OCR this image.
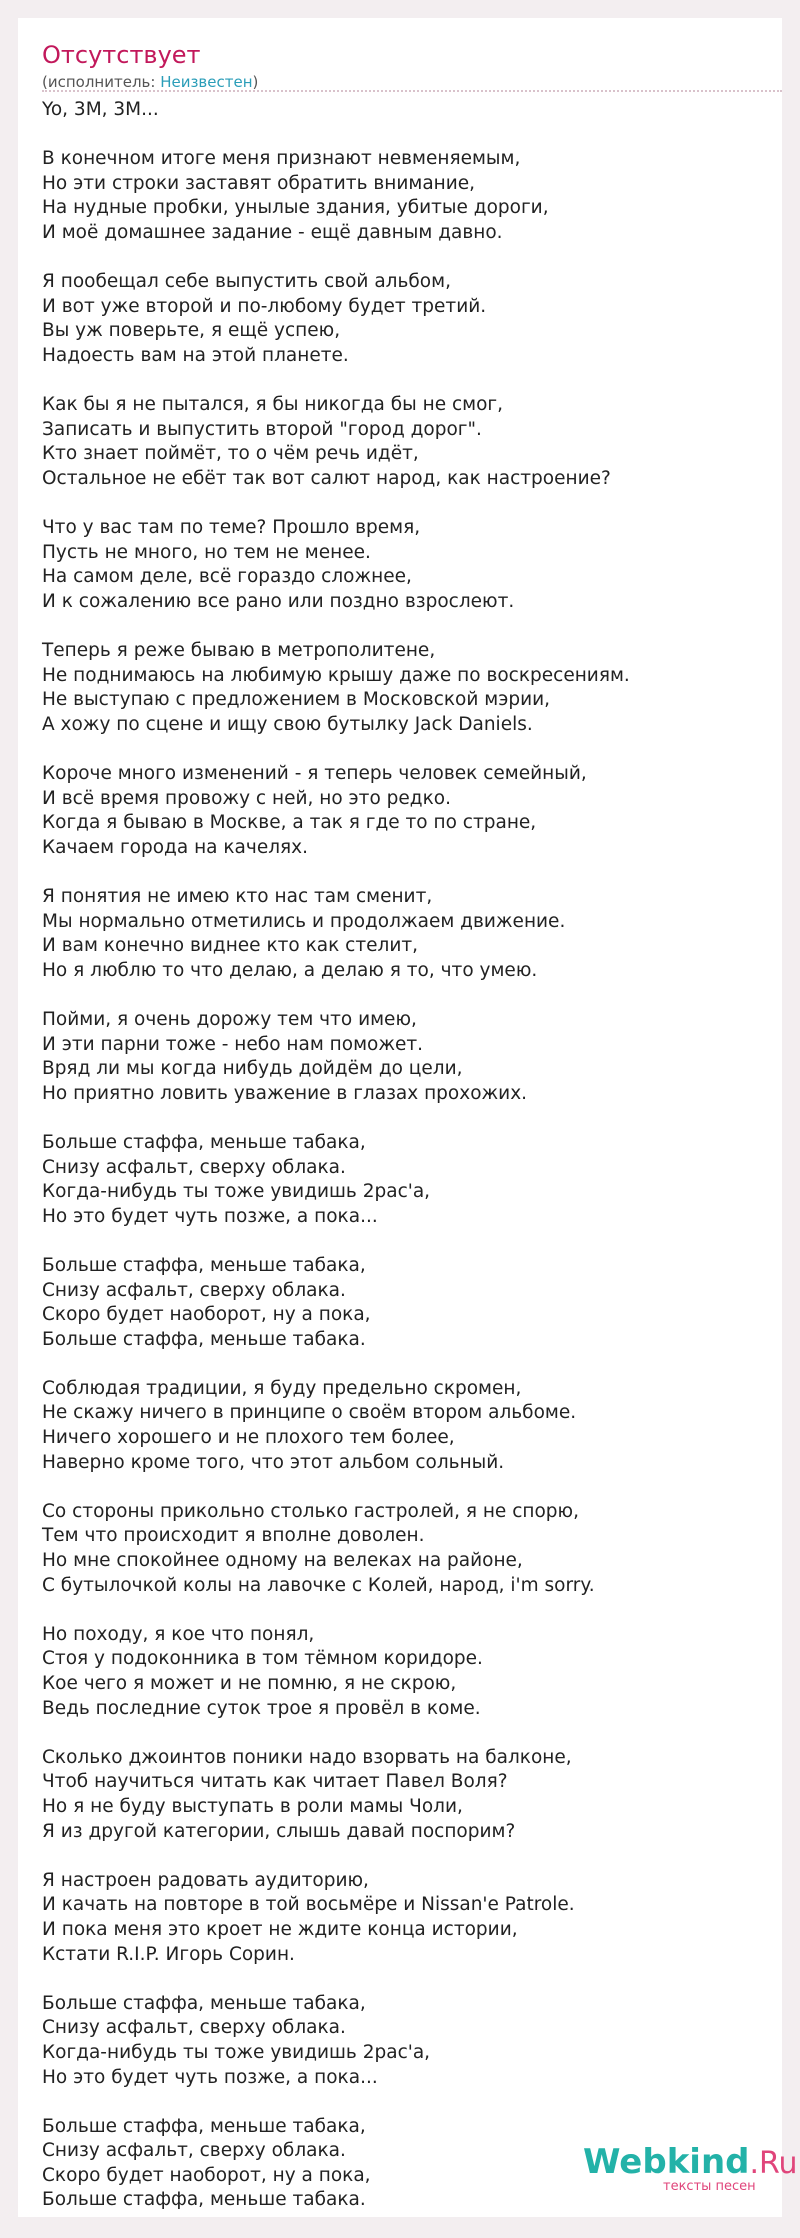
Отсутствует
(исполнитель: Неизвестен)
Yo, 3M, 3M...
В конечном итоге меня признают невменяемым,
Но эти строки заставят обратить внимание,
На нудные пробки, унылые здания, убитые дороги,
И моё домашнее задание - ещё давным давно.
Я пообещал себе выпустить свой альбом,
И вот уже второй и по-любому будет третий.
Вы уж поверьте, я ещё успею,
Надоесть вам на этой планете.
Как бы я не пытался, я бы никогда бы не смог,
Записать и выпустить второй "город дорог".
Кто знает поймёт, то о чём речь идёт,
Остальное не ебёт так вот салют народ, как настроение?
Что у вас там по теме? Прошло время,
Пусть не много, но тем не менее.
На самом деле, всё гораздо сложнее,
И к сожалению все рано или поздно взрослеют.
Теперь я реже бываю в метрополитене,
Не поднимаюсь на любимую крышу даже по воскресениям.
Не выступаю с предложением в Московской мэрии,
А хожу по сцене и ищу свою бутылку Jack Daniels.
Короче много изменений - я теперь человек семейный,
И всё время провожу с ней, но это редко.
Когда я бываю в Москве, а так я где то по стране,
Качаем города на качелях.
Я понятия не имею кто нас там сменит,
Мы нормально отметились и продолжаем движение.
И вам конечно виднее кто как стелит,
Но я люблю то что делаю, а делаю я то, что умею.
Пойми, я очень дорожу тем что имею,
И эти парни тоже - небо нам поможет.
Вряд ли мы когда нибудь дойдём до цели,
Но приятно ловить уважение в глазах прохожих.
Больше стаффа, меньше табака,
Снизу асфальт, сверху облака.
Когда-нибудь ты тоже увидишь 2рас'а,
Но это будет чуть позже, а пока...
Больше стаффа, меньше табака,
Снизу асфальт, сверху облака.
Скоро будет наоборот, ну а пока,
Больше стаффа, меньше табака.
Соблюдая традиции, я буду предельно скромен,
Не скажу ничего в принципе о своём втором альбоме.
Ничего хорошего и не плохого тем более,
Наверно кроме того, что этот альбом сольный.
Со стороны прикольно столько гастролей, я не спорю,
Тем что происходит я вполне доволен.
Но мне спокойнее одному на велеках на районе,
С бутылочкой колы на лавочке с Колей, народ, i'm sorry.
Но походу, я кое что понял,
Стоя у подоконника в том тёмном коридоре.
Кое чего я может и не помню, я не скрою,
Ведь последние суток трое я провёл в коме.
Сколько джоинтов поники надо взорвать на балконе,
Чтоб научиться читать как читает Павел Воля?
Но я не буду выступать в роли мамы Чоли,
Я из другой категории, слышь давай поспорим?
Я настроен радовать аудиторию,
И качать на повторе в той восьмёре и Nissan'e Patrole.
И пока меня это кроет не ждите конца истории,
Кстати R.I.P. Игорь Сорин.
Больше стаффа, меньше табака,
Снизу асфальт, сверху облака.
Когда-нибудь ты тоже увидишь 2рас'а,
Но это будет чуть позже, а пока...
Больше стаффа, меньше табака,
Снизу асфальт, сверху облака.
Скоро будет наоборот, ну а пока,
Больше стаффа, меньше табака.
Webkind.Ru
тексты песен
